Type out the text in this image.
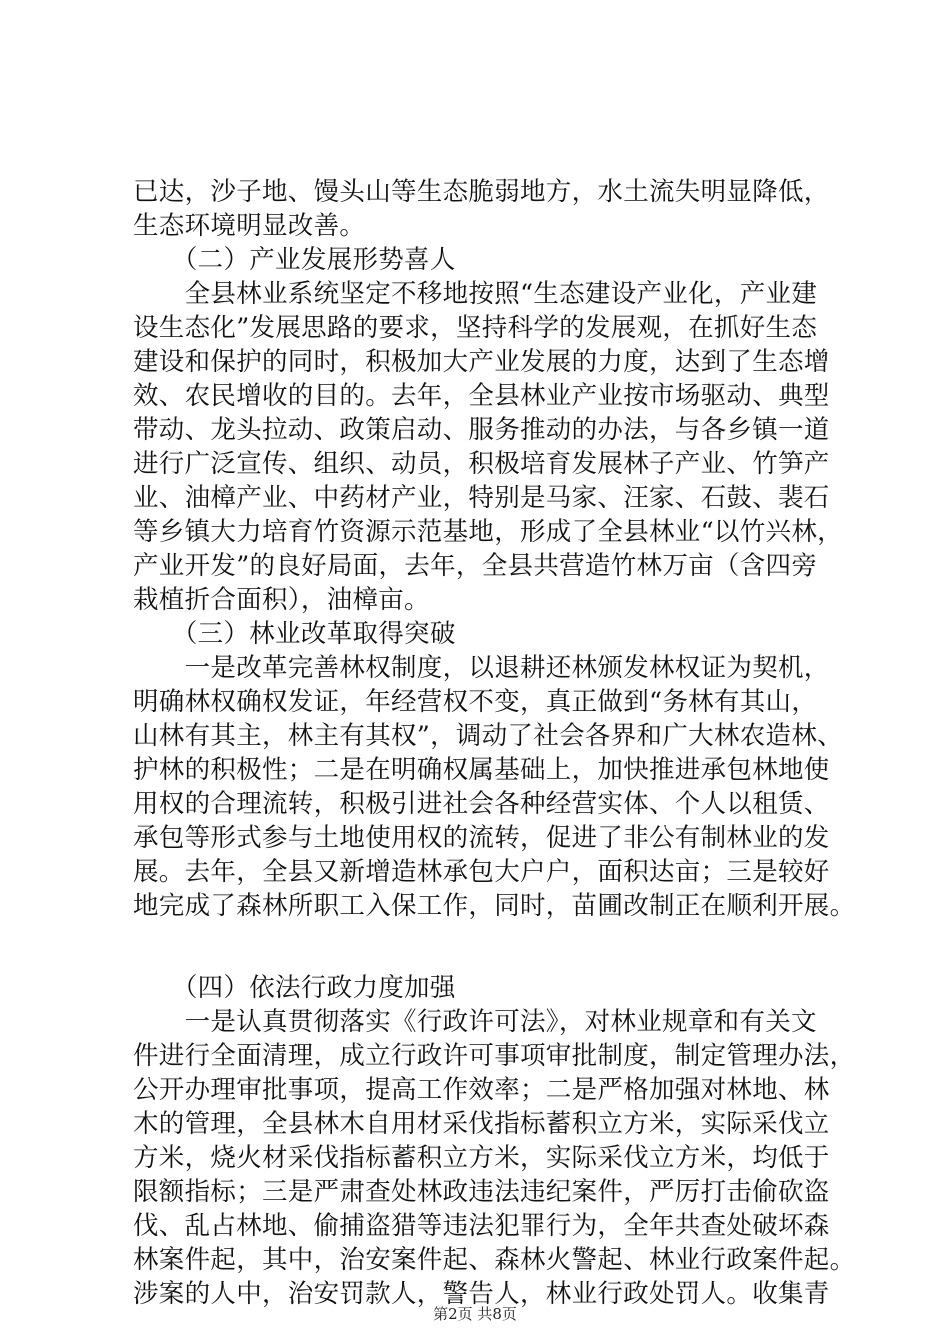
已达，沙子地、馒头山等生态脆弱地方，水土流失明显降低，
生态环境明显改善。
　　（二）产业发展形势喜人
　　全县林业系统坚定不移地按照“生态建设产业化，产业建
设生态化”发展思路的要求，坚持科学的发展观，在抓好生态
建设和保护的同时，积极加大产业发展的力度，达到了生态增
效、农民增收的目的。去年，全县林业产业按市场驱动、典型
带动、龙头拉动、政策启动、服务推动的办法，与各乡镇一道
进行广泛宣传、组织、动员，积极培育发展林子产业、竹笋产
业、油樟产业、中药材产业，特别是马家、汪家、石鼓、裴石
等乡镇大力培育竹资源示范基地，形成了全县林业“以竹兴林，
产业开发”的良好局面，去年，全县共营造竹林万亩（含四旁
栽植折合面积），油樟亩。
　　（三）林业改革取得突破
　　一是改革完善林权制度，以退耕还林颁发林权证为契机，
明确林权确权发证，年经营权不变，真正做到“务林有其山，
山林有其主，林主有其权”，调动了社会各界和广大林农造林、
护林的积极性；二是在明确权属基础上，加快推进承包林地使
用权的合理流转，积极引进社会各种经营实体、个人以租赁、
承包等形式参与土地使用权的流转，促进了非公有制林业的发
展。去年，全县又新增造林承包大户户，面积达亩；三是较好
地完成了森林所职工入保工作，同时，苗圃改制正在顺利开展。
　　（四）依法行政力度加强
　　一是认真贯彻落实《行政许可法》，对林业规章和有关文
件进行全面清理，成立行政许可事项审批制度，制定管理办法，
公开办理审批事项，提高工作效率；二是严格加强对林地、林
木的管理，全县林木自用材采伐指标蓄积立方米，实际采伐立
方米，烧火材采伐指标蓄积立方米，实际采伐立方米，均低于
限额指标；三是严肃查处林政违法违纪案件，严厉打击偷砍盗
伐、乱占林地、偷捕盗猎等违法犯罪行为，全年共查处破坏森
林案件起，其中，治安案件起、森林火警起、林业行政案件起。
涉案的人中，治安罚款人，警告人，林业行政处罚人。收集青
第2页 共8页
